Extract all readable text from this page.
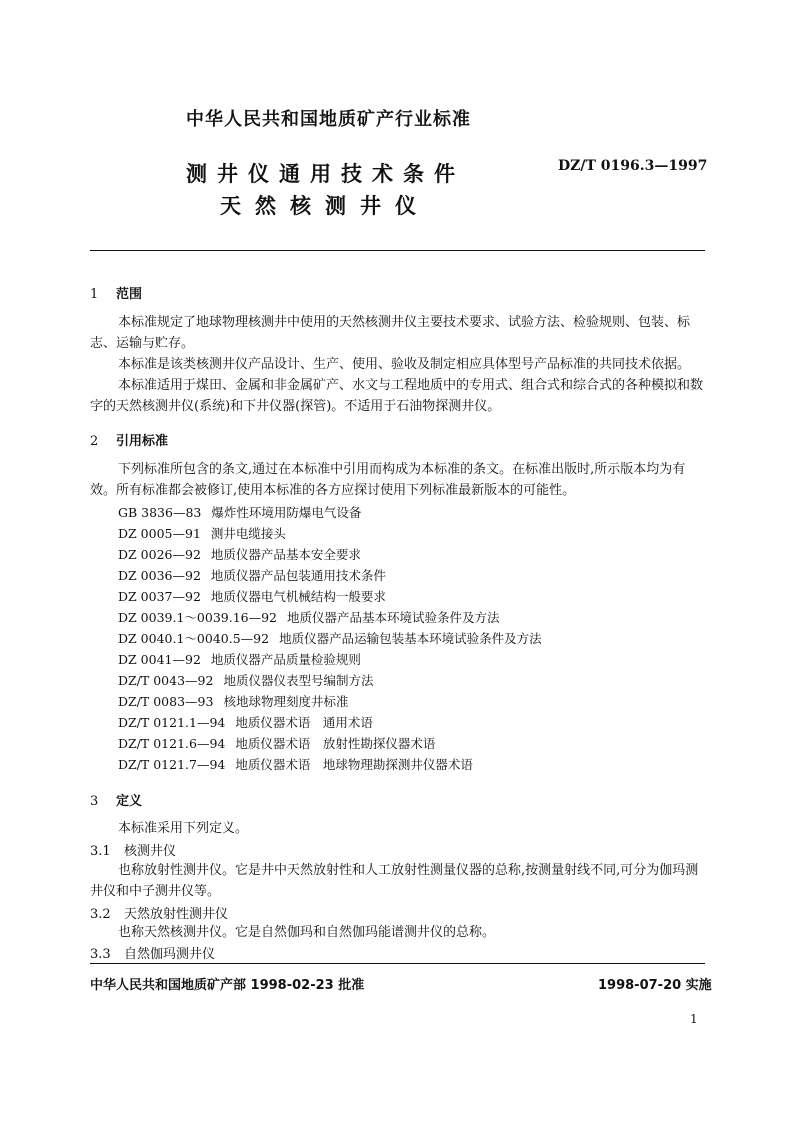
中华人民共和国地质矿产行业标准
测井仪通用技术条件
天然核测井仪
DZ/T 0196.3—1997
1 范围
本标准规定了地球物理核测井中使用的天然核测井仪主要技术要求、试验方法、检验规则、包装、标志、运输与贮存。
本标准是该类核测井仪产品设计、生产、使用、验收及制定相应具体型号产品标准的共同技术依据。
本标准适用于煤田、金属和非金属矿产、水文与工程地质中的专用式、组合式和综合式的各种模拟和数字的天然核测井仪(系统)和下井仪器(探管)。不适用于石油物探测井仪。
2 引用标准
下列标准所包含的条文,通过在本标准中引用而构成为本标准的条文。在标准出版时,所示版本均为有效。所有标准都会被修订,使用本标准的各方应探讨使用下列标准最新版本的可能性。
GB 3836—83 爆炸性环境用防爆电气设备
DZ 0005—91 测井电缆接头
DZ 0026—92 地质仪器产品基本安全要求
DZ 0036—92 地质仪器产品包装通用技术条件
DZ 0037—92 地质仪器电气机械结构一般要求
DZ 0039.1～0039.16—92 地质仪器产品基本环境试验条件及方法
DZ 0040.1～0040.5—92 地质仪器产品运输包装基本环境试验条件及方法
DZ 0041—92 地质仪器产品质量检验规则
DZ/T 0043—92 地质仪器仪表型号编制方法
DZ/T 0083—93 核地球物理刻度井标准
DZ/T 0121.1—94 地质仪器术语　通用术语
DZ/T 0121.6—94 地质仪器术语　放射性勘探仪器术语
DZ/T 0121.7—94 地质仪器术语　地球物理勘探测井仪器术语
3 定义
本标准采用下列定义。
3.1 核测井仪
也称放射性测井仪。它是井中天然放射性和人工放射性测量仪器的总称,按测量射线不同,可分为伽玛测井仪和中子测井仪等。
3.2 天然放射性测井仪
也称天然核测井仪。它是自然伽玛和自然伽玛能谱测井仪的总称。
3.3 自然伽玛测井仪
中华人民共和国地质矿产部 1998-02-23 批准	1998-07-20 实施
1
